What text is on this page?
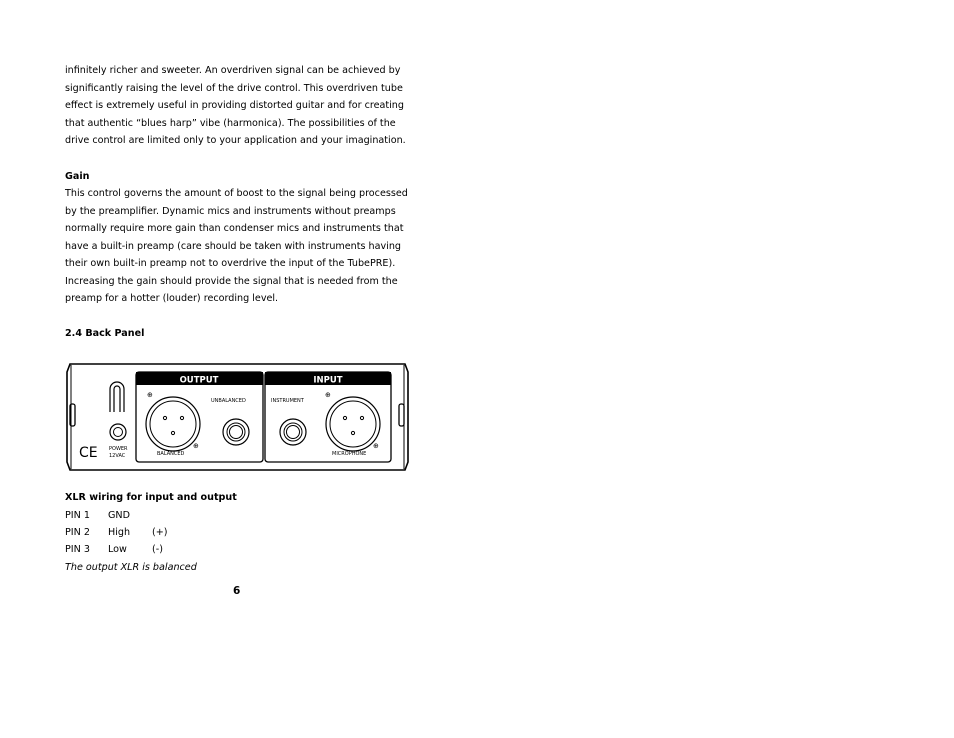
infinitely richer and sweeter. An overdriven signal can be achieved by
significantly raising the level of the drive control. This overdriven tube
effect is extremely useful in providing distorted guitar and for creating
that authentic “blues harp” vibe (harmonica). The possibilities of the
drive control are limited only to your application and your imagination.
Gain
This control governs the amount of boost to the signal being processed
by the preamplifier. Dynamic mics and instruments without preamps
normally require more gain than condenser mics and instruments that
have a built-in preamp (care should be taken with instruments having
their own built-in preamp not to overdrive the input of the TubePRE).
Increasing the gain should provide the signal that is needed from the
preamp for a hotter (louder) recording level.
2.4 Back Panel
POWER
12VAC
CE
OUTPUT	INPUT
⊕
⊕
⊕
⊕
UNBALANCED	INSTRUMENT
BALANCED	MICROPHONE
XLR wiring for input and output
PIN 1 GND
PIN 2 High (+)
PIN 3 Low	(-)
The output XLR is balanced
6
